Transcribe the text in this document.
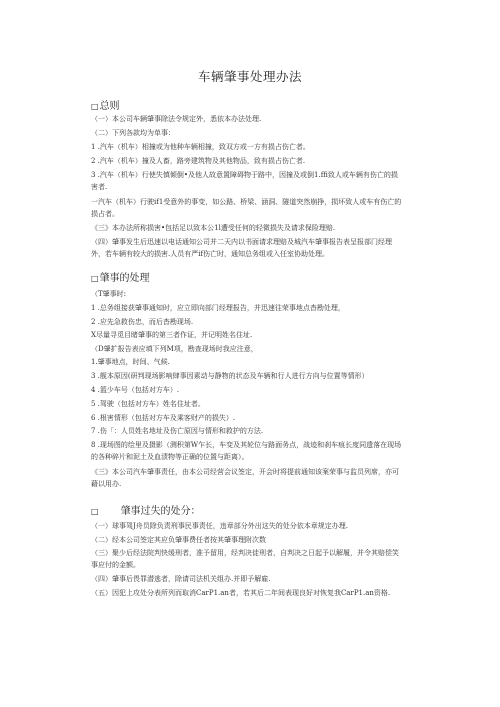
车辆肇事处理办法
□总则
（一）本公司车辆肇事除法令规定外，悉依本办法处理.
（二）下列各款均为单事：
1 .汽车（机车）相撞或为他种车辆相撞，致双方或一方有损占伤亡者。
2 .汽车（机车）撞及人畜，路旁建筑物及其他物品，致有损占伤亡者.
3 .汽车（机车）行使失慎倾倒•及他人故意置障碍物于路中，因撞及或倒1.ffi致人或车辆有伤亡的损害者.
一汽车（机车）行驶if1受意外的事变，如公路、桥梁、涵洞、隧道突然崩挣，损坏致人或车有伤亡的损占者。
《三》本办法所称损害•包括足以致本公1l遭受任何的轻微损失及请求保险理赔.
（四）肇事发生后迅速以电话通知公司并二天内以书面请求理赔及城汽车肇事报告表呈报部门经理外，若车辆有较大的损害.人员有严if伤亡时，通知总务组或入任室协助处理。
□肇事的处理
（T肇事时:
1 .总务组接获肇事通知时，应立即向部门经理报告，并迅速往荣事地点杳勘处理，
2 .应先急救伤忠，而后杳勘现场.
X尽量寻觅目睹肇事的第三者作证，并记明姓名住址.
（D肇扩报告表应填下列M项，勘查现场时我应注意，
1.肇事地点，时间、气候.
3 .舰本原因(研判现场影响肆事因素动与静物的状态及车辆和行人进行方向与位置等情形）
4 .篮少车号（包括对方车）.
5 .驾驶（包括对方车）姓名住址者。
6 .根害情形（包括对方车及乘客财产的损失）.
7 .伤「：人员姓名地址及伤亡原因与情形和救护的方法.
8 .现场图的绘里及摄影（测积第W乍长，车变及其轮位与路面务点，战迹和刹车痕长度同遗落在现场的各种碎片和泥土及血渍物等正确的位置与距离）。
《三》本公司汽车肇事责任，由本公司经营会议签定，开会时将提前通知该案荣事与监员列席，亦可藉以用办.
□ 肇事过失的处分：
（一）球事驾J舟员除负责刑事民事责任，违章部分外出这失的处分依本章规定办理.
（二）经本公司签定其应负肇事费任者按其肇事理附次数
（三）聚少后经法院判快缓刑者，准予留用，经判决徒刑者，自判决之日起予以解履，并令其赔偿笑事应付的金额。
（四）肇事后畏罪潜逃者，除请司法机关组办.并即予解雇.
（五）因犯上攻处分表所列而取消CarP1.an者，若其后二年间表现良好对恢复我CarP1.an资格.
